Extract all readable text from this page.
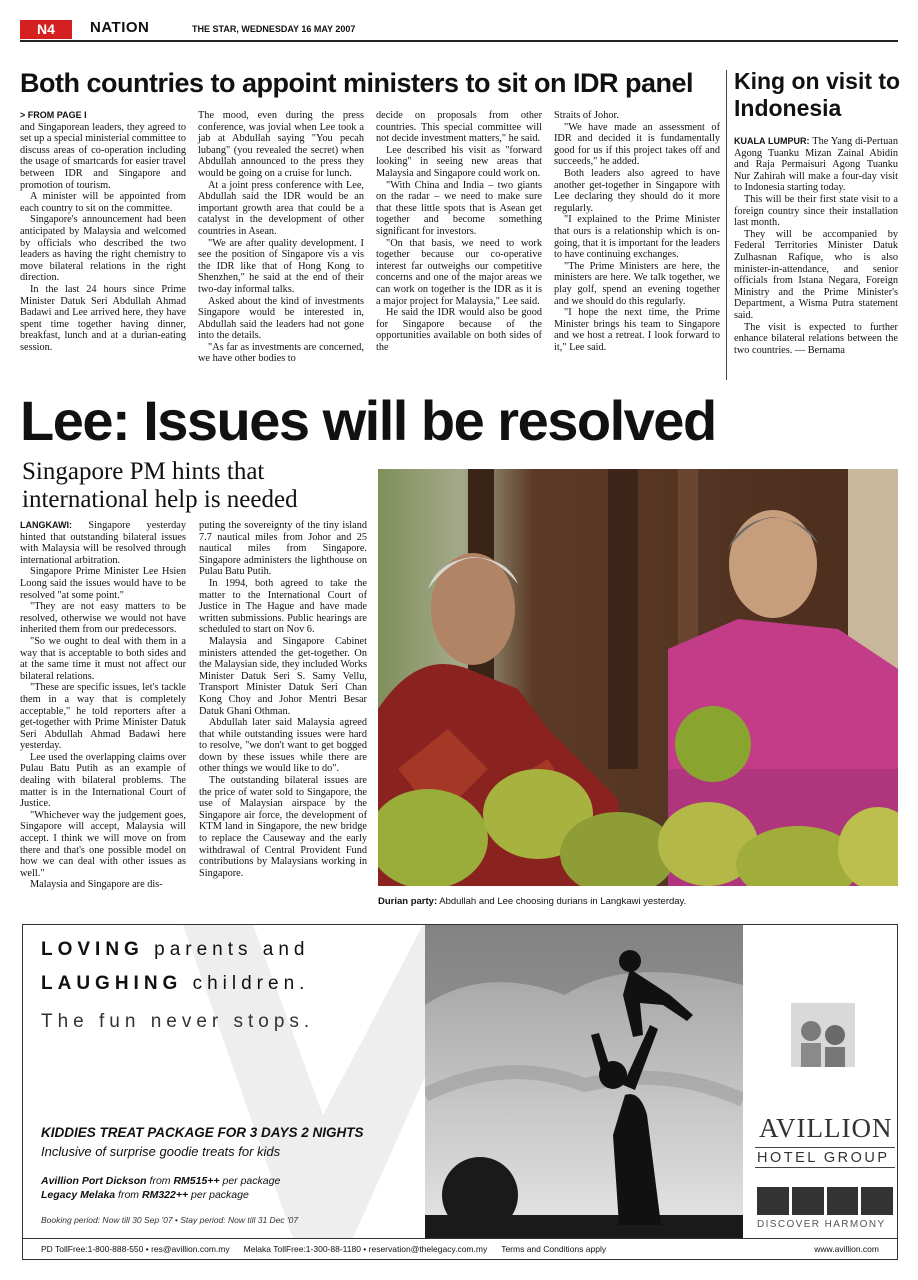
N4	NATION	THE STAR, WEDNESDAY 16 MAY 2007
Both countries to appoint ministers to sit on IDR panel
> FROM PAGE I

and Singaporean leaders, they agreed to set up a special ministerial committee to discuss areas of co-operation including the usage of smartcards for easier travel between IDR and Singapore and promotion of tourism.

A minister will be appointed from each country to sit on the committee.

Singapore's announcement had been anticipated by Malaysia and welcomed by officials who described the two leaders as having the right chemistry to move bilateral relations in the right direction.

In the last 24 hours since Prime Minister Datuk Seri Abdullah Ahmad Badawi and Lee arrived here, they have spent time together having dinner, breakfast, lunch and at a durian-eating session.

The mood, even during the press conference, was jovial when Lee took a jab at Abdullah saying "You pecah lubang" (you revealed the secret) when Abdullah announced to the press they would be going on a cruise for lunch.

At a joint press conference with Lee, Abdullah said the IDR would be an important growth area that could be a catalyst in the development of other countries in Asean.

"We are after quality development. I see the position of Singapore vis a vis the IDR like that of Hong Kong to Shenzhen," he said at the end of their two-day informal talks.

Asked about the kind of investments Singapore would be interested in, Abdullah said the leaders had not gone into the details.

"As far as investments are concerned, we have other bodies to

decide on proposals from other countries. This special committee will not decide investment matters," he said.

Lee described his visit as "forward looking" in seeing new areas that Malaysia and Singapore could work on.

"With China and India – two giants on the radar – we need to make sure that these little spots that is Asean get together and become something significant for investors.

"On that basis, we need to work together because our co-operative interest far outweighs our competitive concerns and one of the major areas we can work on together is the IDR as it is a major project for Malaysia," Lee said.

He said the IDR would also be good for Singapore because of the opportunities available on both sides of the

Straits of Johor.

"We have made an assessment of IDR and decided it is fundamentally good for us if this project takes off and succeeds," he added.

Both leaders also agreed to have another get-together in Singapore with Lee declaring they should do it more regularly.

"I explained to the Prime Minister that ours is a relationship which is on-going, that it is important for the leaders to have continuing exchanges.

"The Prime Ministers are here, the ministers are here. We talk together, we play golf, spend an evening together and we should do this regularly.

"I hope the next time, the Prime Minister brings his team to Singapore and we host a retreat. I look forward to it," Lee said.

King on visit to Indonesia

KUALA LUMPUR: The Yang di-Pertuan Agong Tuanku Mizan Zainal Abidin and Raja Permaisuri Agong Tuanku Nur Zahirah will make a four-day visit to Indonesia starting today.

This will be their first state visit to a foreign country since their installation last month.

They will be accompanied by Federal Territories Minister Datuk Zulhasnan Rafique, who is also minister-in-attendance, and senior officials from Istana Negara, Foreign Ministry and the Prime Minister's Department, a Wisma Putra statement said.

The visit is expected to further enhance bilateral relations between the two countries. — Bernama

Lee: Issues will be resolved
Singapore PM hints that international help is needed

LANGKAWI: Singapore yesterday hinted that outstanding bilateral issues with Malaysia will be resolved through international arbitration.

Singapore Prime Minister Lee Hsien Loong said the issues would have to be resolved "at some point."

"They are not easy matters to be resolved, otherwise we would not have inherited them from our predecessors.

"So we ought to deal with them in a way that is acceptable to both sides and at the same time it must not affect our bilateral relations.

"These are specific issues, let's tackle them in a way that is completely acceptable," he told reporters after a get-together with Prime Minister Datuk Seri Abdullah Ahmad Badawi here yesterday.

Lee used the overlapping claims over Pulau Batu Putih as an example of dealing with bilateral problems. The matter is in the International Court of Justice.

"Whichever way the judgement goes, Singapore will accept, Malaysia will accept. I think we will move on from there and that's one possible model on how we can deal with other issues as well."

Malaysia and Singapore are dis-

puting the sovereignty of the tiny island 7.7 nautical miles from Johor and 25 nautical miles from Singapore. Singapore administers the lighthouse on Pulau Batu Putih.

In 1994, both agreed to take the matter to the International Court of Justice in The Hague and have made written submissions. Public hearings are scheduled to start on Nov 6.

Malaysia and Singapore Cabinet ministers attended the get-together. On the Malaysian side, they included Works Minister Datuk Seri S. Samy Vellu, Transport Minister Datuk Seri Chan Kong Choy and Johor Mentri Besar Datuk Ghani Othman.

Abdullah later said Malaysia agreed that while outstanding issues were hard to resolve, "we don't want to get bogged down by these issues while there are other things we would like to do".

The outstanding bilateral issues are the price of water sold to Singapore, the use of Malaysian airspace by the Singapore air force, the development of KTM land in Singapore, the new bridge to replace the Causeway and the early withdrawal of Central Provident Fund contributions by Malaysians working in Singapore.

Durian party: Abdullah and Lee choosing durians in Langkawi yesterday.
LOVING parents and
LAUGHING children.
The fun never stops.
KIDDIES TREAT PACKAGE FOR 3 DAYS 2 NIGHTS
Inclusive of surprise goodie treats for kids
Avillion Port Dickson from RM515++ per package
Legacy Melaka from RM322++ per package
Booking period: Now till 30 Sep '07 • Stay period: Now till 31 Dec '07
AVILLION
HOTEL GROUP
DISCOVER HARMONY
PD TollFree:1-800-888-550 • res@avillion.com.my Melaka TollFree:1-300-88-1180 • reservation@thelegacy.com.my Terms and Conditions apply	www.avillion.com
